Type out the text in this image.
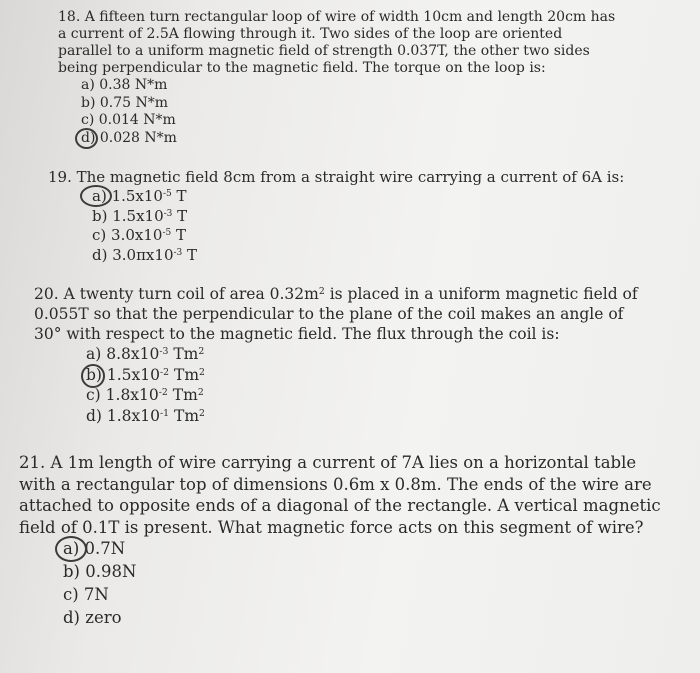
18. A fifteen turn rectangular loop of wire of width 10cm and length 20cm has

a current of 2.5A flowing through it. Two sides of the loop are oriented

parallel to a uniform magnetic field of strength 0.037T, the other two sides

being perpendicular to the magnetic field. The torque on the loop is:

a) 0.38 N*m
b) 0.75 N*m
c) 0.014 N*m
d) 0.028 N*m

19. The magnetic field 8cm from a straight wire carrying a current of 6A is:

a) $1.5x10^{-5}$ T
b) $1.5x10^{-3}$ T
c) $3.0x10^{-5}$ T
d) $3.0\pi x10^{-3}$ T

20. A twenty turn coil of area $0.32m^2$ is placed in a uniform magnetic field of

0.055T so that the perpendicular to the plane of the coil makes an angle of

30° with respect to the magnetic field. The flux through the coil is:

a) $8.8x10^{-3}$ Tm$^2$
b) $1.5x10^{-2}$ Tm$^2$
c) $1.8x10^{-2}$ Tm$^2$
d) $1.8x10^{-1}$ Tm$^2$

21. A 1m length of wire carrying a current of 7A lies on a horizontal table

with a rectangular top of dimensions 0.6m x 0.8m. The ends of the wire are

attached to opposite ends of a diagonal of the rectangle. A vertical magnetic

field of 0.1T is present. What magnetic force acts on this segment of wire?

a) 0.7N
b) 0.98N
c) 7N
d) zero
